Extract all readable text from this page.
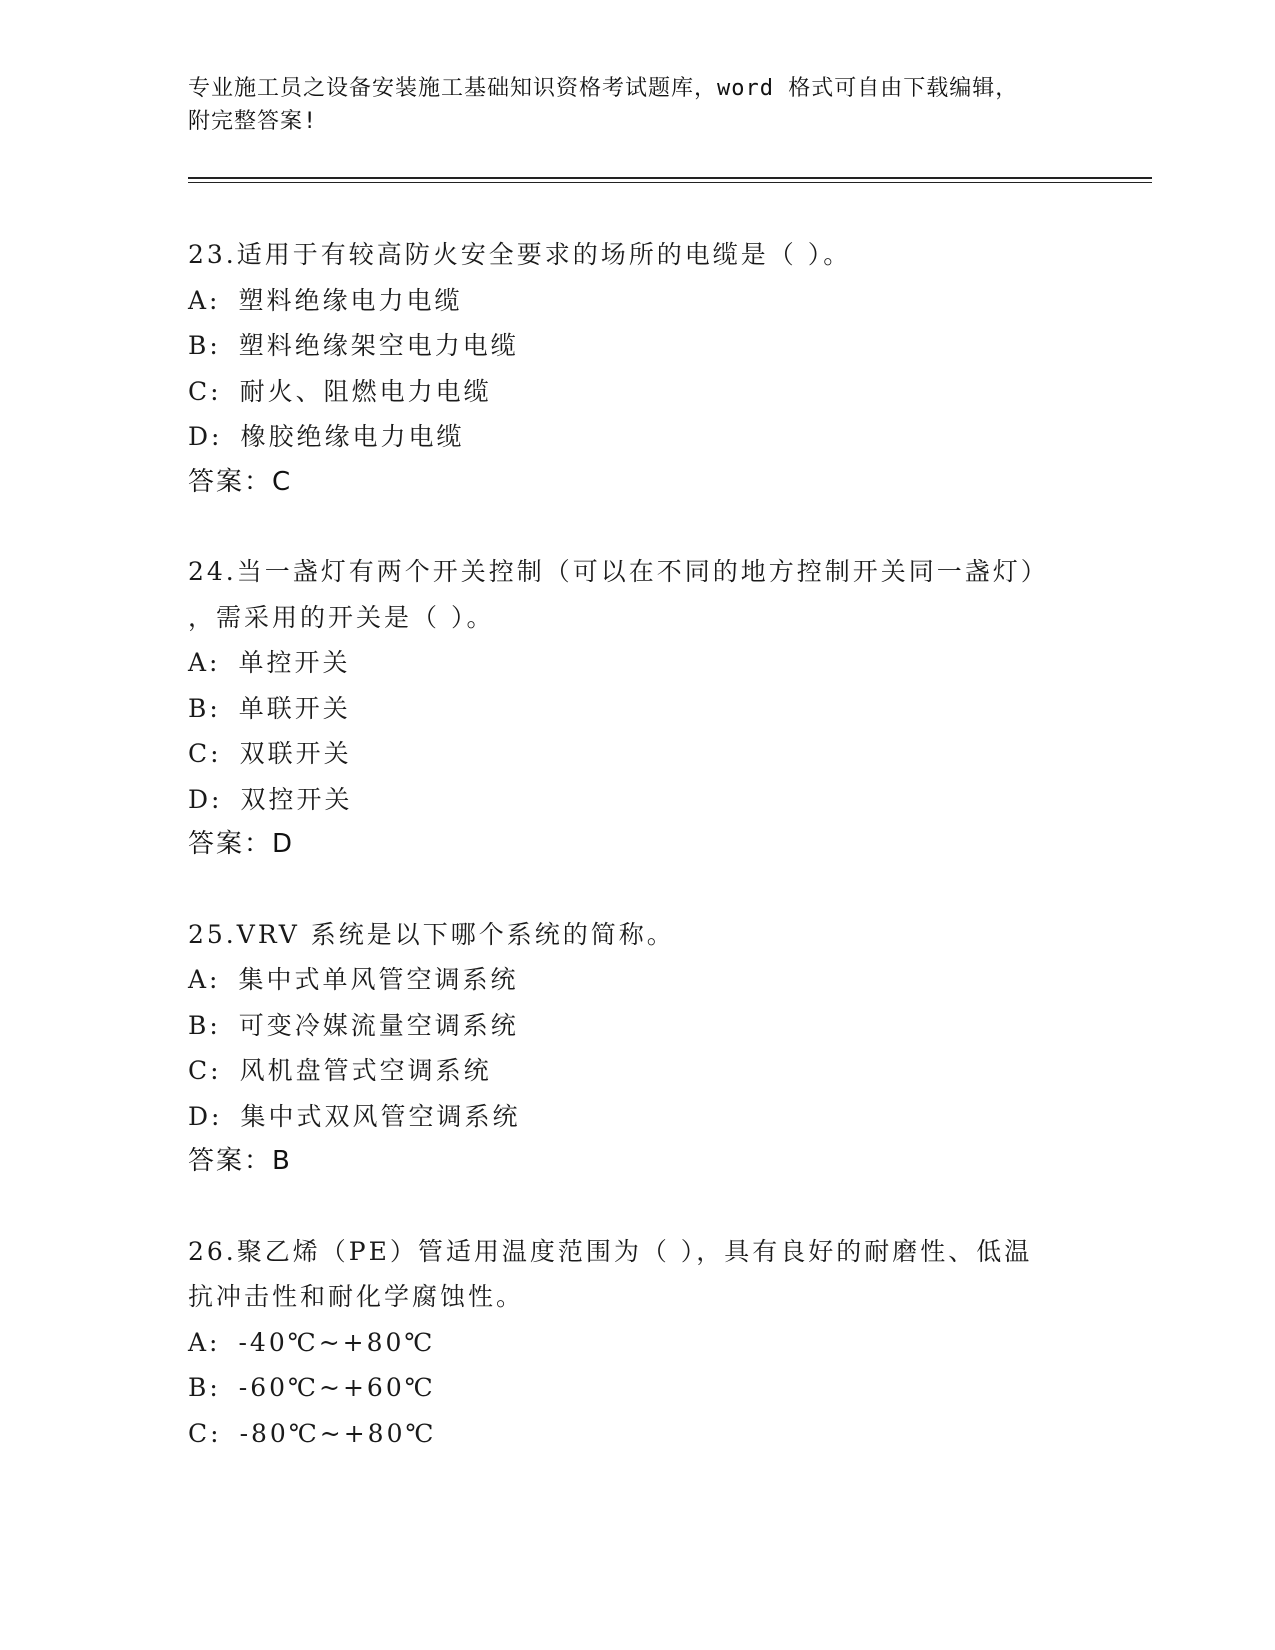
专业施工员之设备安装施工基础知识资格考试题库，word 格式可自由下载编辑，
附完整答案!
23.适用于有较高防火安全要求的场所的电缆是（ ）。
A: 塑料绝缘电力电缆
B: 塑料绝缘架空电力电缆
C: 耐火、阻燃电力电缆
D: 橡胶绝缘电力电缆
答案：C
24.当一盏灯有两个开关控制（可以在不同的地方控制开关同一盏灯）
，需采用的开关是（ ）。
A: 单控开关
B: 单联开关
C: 双联开关
D: 双控开关
答案：D
25.VRV 系统是以下哪个系统的简称。
A: 集中式单风管空调系统
B: 可变冷媒流量空调系统
C: 风机盘管式空调系统
D: 集中式双风管空调系统
答案：B
26.聚乙烯（PE）管适用温度范围为（ ），具有良好的耐磨性、低温
抗冲击性和耐化学腐蚀性。
A: -40℃~+80℃
B: -60℃~+60℃
C: -80℃~+80℃
